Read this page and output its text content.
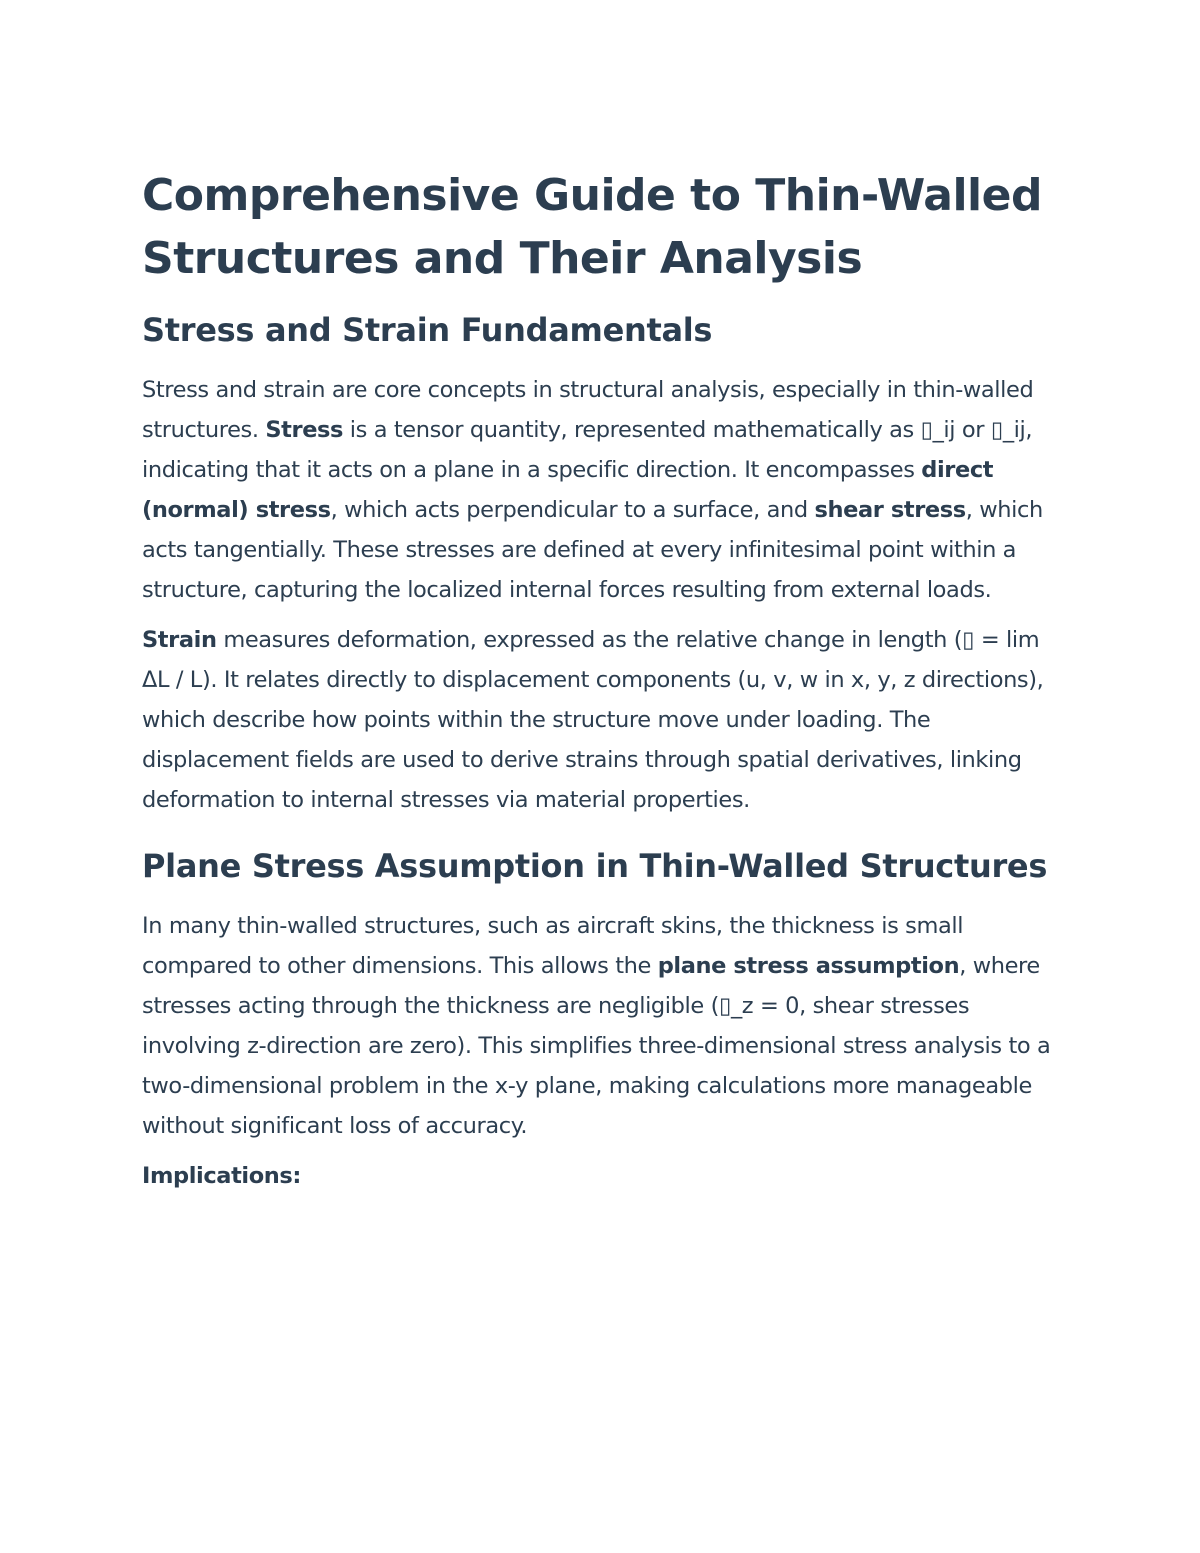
Comprehensive Guide to Thin-Walled Structures and Their Analysis
Stress and Strain Fundamentals

Stress and strain are core concepts in structural analysis, especially in thin-walled structures. Stress is a tensor quantity, represented mathematically as ▯_ij or ▯_ij, indicating that it acts on a plane in a specific direction. It encompasses direct (normal) stress, which acts perpendicular to a surface, and shear stress, which acts tangentially. These stresses are defined at every infinitesimal point within a structure, capturing the localized internal forces resulting from external loads.

Strain measures deformation, expressed as the relative change in length (▯ = lim ΔL / L). It relates directly to displacement components (u, v, w in x, y, z directions), which describe how points within the structure move under loading. The displacement fields are used to derive strains through spatial derivatives, linking deformation to internal stresses via material properties.

Plane Stress Assumption in Thin-Walled Structures

In many thin-walled structures, such as aircraft skins, the thickness is small compared to other dimensions. This allows the plane stress assumption, where stresses acting through the thickness are negligible (▯_z = 0, shear stresses involving z-direction are zero). This simplifies three-dimensional stress analysis to a two-dimensional problem in the x-y plane, making calculations more manageable without significant loss of accuracy.

Implications:
